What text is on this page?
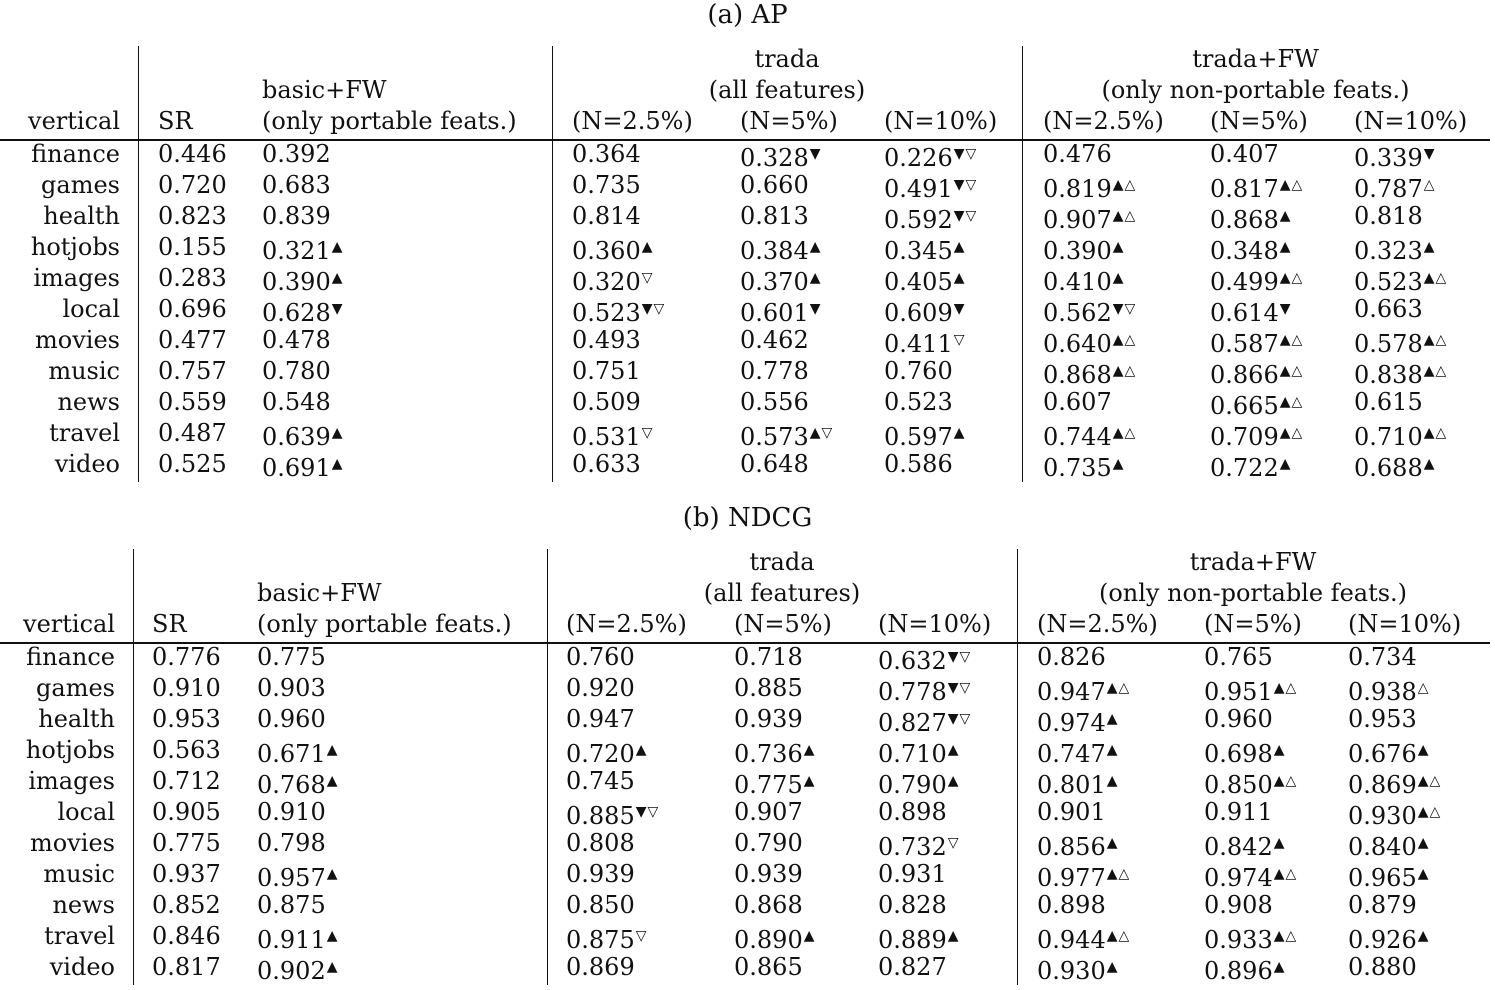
(a) AP
basic+FW
(only portable feats.)
trada
(all features)
trada+FW
(only non-portable feats.)
vertical SR	(N=2.5%) (N=5%) (N=10%) (N=2.5%) (N=5%) (N=10%)
finance 0.446 0.392	0.364	0.328▼	0.226▼▽	0.476	0.407	0.339▼
games 0.720 0.683	0.735	0.660	0.491▼▽	0.819▲△	0.817▲△ 0.787△
health 0.823 0.839	0.814	0.813	0.592▼▽	0.907▲△	0.868▲	0.818
hotjobs 0.155 0.321▲	0.360▲	0.384▲	0.345▲	0.390▲	0.348▲	0.323▲
images 0.283 0.390▲	0.320▽	0.370▲	0.405▲	0.410▲	0.499▲△ 0.523▲△
local 0.696 0.628▼	0.523▼▽	0.601▼	0.609▼	0.562▼▽	0.614▼	0.663
movies 0.477 0.478	0.493	0.462	0.411▽	0.640▲△	0.587▲△ 0.578▲△
music 0.757 0.780	0.751	0.778	0.760	0.868▲△	0.866▲△ 0.838▲△
news 0.559 0.548	0.509	0.556	0.523	0.607	0.665▲△ 0.615
travel 0.487 0.639▲	0.531▽	0.573▲▽ 0.597▲	0.744▲△	0.709▲△ 0.710▲△
video 0.525 0.691▲	0.633	0.648	0.586	0.735▲	0.722▲	0.688▲
(b) NDCG
basic+FW
(only portable feats.)
trada
(all features)
trada+FW
(only non-portable feats.)
vertical SR	(N=2.5%) (N=5%) (N=10%) (N=2.5%) (N=5%) (N=10%)
finance 0.776 0.775	0.760	0.718	0.632▼▽	0.826	0.765	0.734
games 0.910 0.903	0.920	0.885	0.778▼▽	0.947▲△	0.951▲△ 0.938△
health 0.953 0.960	0.947	0.939	0.827▼▽	0.974▲	0.960	0.953
hotjobs 0.563 0.671▲	0.720▲	0.736▲	0.710▲	0.747▲	0.698▲	0.676▲
images 0.712 0.768▲	0.745	0.775▲	0.790▲	0.801▲	0.850▲△ 0.869▲△
local 0.905 0.910	0.885▼▽	0.907	0.898	0.901	0.911	0.930▲△
movies 0.775 0.798	0.808	0.790	0.732▽	0.856▲	0.842▲	0.840▲
music 0.937 0.957▲	0.939	0.939	0.931	0.977▲△	0.974▲△ 0.965▲
news 0.852 0.875	0.850	0.868	0.828	0.898	0.908	0.879
travel 0.846 0.911▲	0.875▽	0.890▲	0.889▲	0.944▲△	0.933▲△ 0.926▲
video 0.817 0.902▲	0.869	0.865	0.827	0.930▲	0.896▲	0.880
